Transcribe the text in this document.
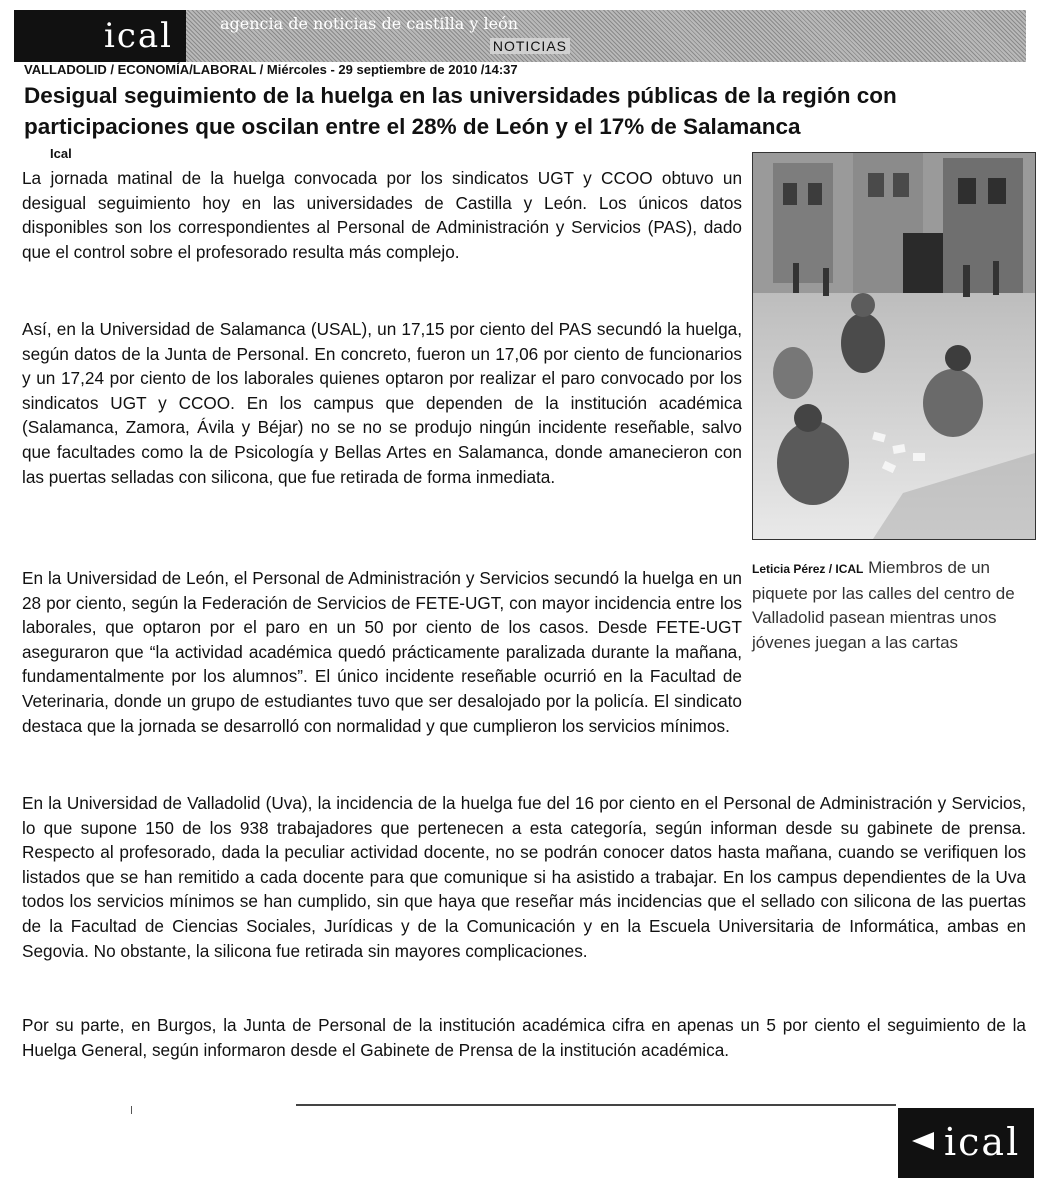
ical	agencia de noticias de castilla y león
NOTICIAS
VALLADOLID / ECONOMÍA/LABORAL / Miércoles - 29 septiembre de 2010 /14:37
Desigual seguimiento de la huelga en las universidades públicas de la región con participaciones que oscilan entre el 28% de León y el 17% de Salamanca
Ical

La jornada matinal de la huelga convocada por los sindicatos UGT y CCOO obtuvo un desigual seguimiento hoy en las universidades de Castilla y León. Los únicos datos disponibles son los correspondientes al Personal de Administración y Servicios (PAS), dado que el control sobre el profesorado resulta más complejo.

Así, en la Universidad de Salamanca (USAL), un 17,15 por ciento del PAS secundó la huelga, según datos de la Junta de Personal. En concreto, fueron un 17,06 por ciento de funcionarios y un 17,24 por ciento de los laborales quienes optaron por realizar el paro convocado por los sindicatos UGT y CCOO. En los campus que dependen de la institución académica (Salamanca, Zamora, Ávila y Béjar) no se no se produjo ningún incidente reseñable, salvo que facultades como la de Psicología y Bellas Artes en Salamanca, donde amanecieron con las puertas selladas con silicona, que fue retirada de forma inmediata.

En la Universidad de León, el Personal de Administración y Servicios secundó la huelga en un 28 por ciento, según la Federación de Servicios de FETE-UGT, con mayor incidencia entre los laborales, que optaron por el paro en un 50 por ciento de los casos. Desde FETE-UGT aseguraron que “la actividad académica quedó prácticamente paralizada durante la mañana, fundamentalmente por los alumnos”. El único incidente reseñable ocurrió en la Facultad de Veterinaria, donde un grupo de estudiantes tuvo que ser desalojado por la policía. El sindicato destaca que la jornada se desarrolló con normalidad y que cumplieron los servicios mínimos.

En la Universidad de Valladolid (Uva), la incidencia de la huelga fue del 16 por ciento en el Personal de Administración y Servicios, lo que supone 150 de los 938 trabajadores que pertenecen a esta categoría, según informan desde su gabinete de prensa. Respecto al profesorado, dada la peculiar actividad docente, no se podrán conocer datos hasta mañana, cuando se verifiquen los listados que se han remitido a cada docente para que comunique si ha asistido a trabajar. En los campus dependientes de la Uva todos los servicios mínimos se han cumplido, sin que haya que reseñar más incidencias que el sellado con silicona de las puertas de la Facultad de Ciencias Sociales, Jurídicas y de la Comunicación y en la Escuela Universitaria de Informática, ambas en Segovia. No obstante, la silicona fue retirada sin mayores complicaciones.

Por su parte, en Burgos, la Junta de Personal de la institución académica cifra en apenas un 5 por ciento el seguimiento de la Huelga General, según informaron desde el Gabinete de Prensa de la institución académica.

Leticia Pérez / ICAL Miembros de un piquete por las calles del centro de Valladolid pasean mientras unos jóvenes juegan a las cartas
ical
